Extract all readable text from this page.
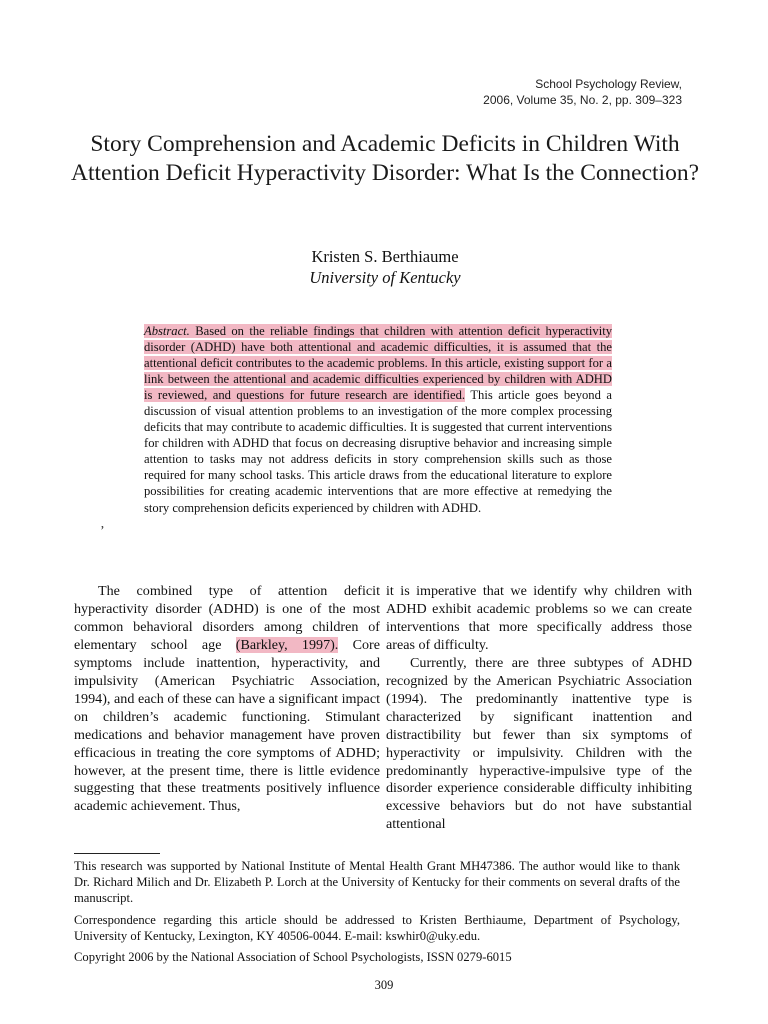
School Psychology Review,
2006, Volume 35, No. 2, pp. 309–323
Story Comprehension and Academic Deficits in Children With Attention Deficit Hyperactivity Disorder: What Is the Connection?
Kristen S. Berthiaume
University of Kentucky
Abstract. Based on the reliable findings that children with attention deficit hyperactivity disorder (ADHD) have both attentional and academic difficulties, it is assumed that the attentional deficit contributes to the academic problems. In this article, existing support for a link between the attentional and academic difficulties experienced by children with ADHD is reviewed, and questions for future research are identified. This article goes beyond a discussion of visual attention problems to an investigation of the more complex processing deficits that may contribute to academic difficulties. It is suggested that current interventions for children with ADHD that focus on decreasing disruptive behavior and increasing simple attention to tasks may not address deficits in story comprehension skills such as those required for many school tasks. This article draws from the educational literature to explore possibilities for creating academic interventions that are more effective at remedying the story comprehension deficits experienced by children with ADHD.
ʼ

The combined type of attention deficit hyperactivity disorder (ADHD) is one of the most common behavioral disorders among children of elementary school age (Barkley, 1997). Core symptoms include inattention, hyperactivity, and impulsivity (American Psychiatric Association, 1994), and each of these can have a significant impact on children’s academic functioning. Stimulant medications and behavior management have proven efficacious in treating the core symptoms of ADHD; however, at the present time, there is little evidence suggesting that these treatments positively influence academic achievement. Thus,

it is imperative that we identify why children with ADHD exhibit academic problems so we can create interventions that more specifically address those areas of difficulty.

Currently, there are three subtypes of ADHD recognized by the American Psychiatric Association (1994). The predominantly inattentive type is characterized by significant inattention and distractibility but fewer than six symptoms of hyperactivity or impulsivity. Children with the predominantly hyperactive-impulsive type of the disorder experience considerable difficulty inhibiting excessive behaviors but do not have substantial attentional

This research was supported by National Institute of Mental Health Grant MH47386. The author would like to thank Dr. Richard Milich and Dr. Elizabeth P. Lorch at the University of Kentucky for their comments on several drafts of the manuscript.

Correspondence regarding this article should be addressed to Kristen Berthiaume, Department of Psychology, University of Kentucky, Lexington, KY 40506-0044. E-mail: kswhir0@uky.edu.

Copyright 2006 by the National Association of School Psychologists, ISSN 0279-6015

309
